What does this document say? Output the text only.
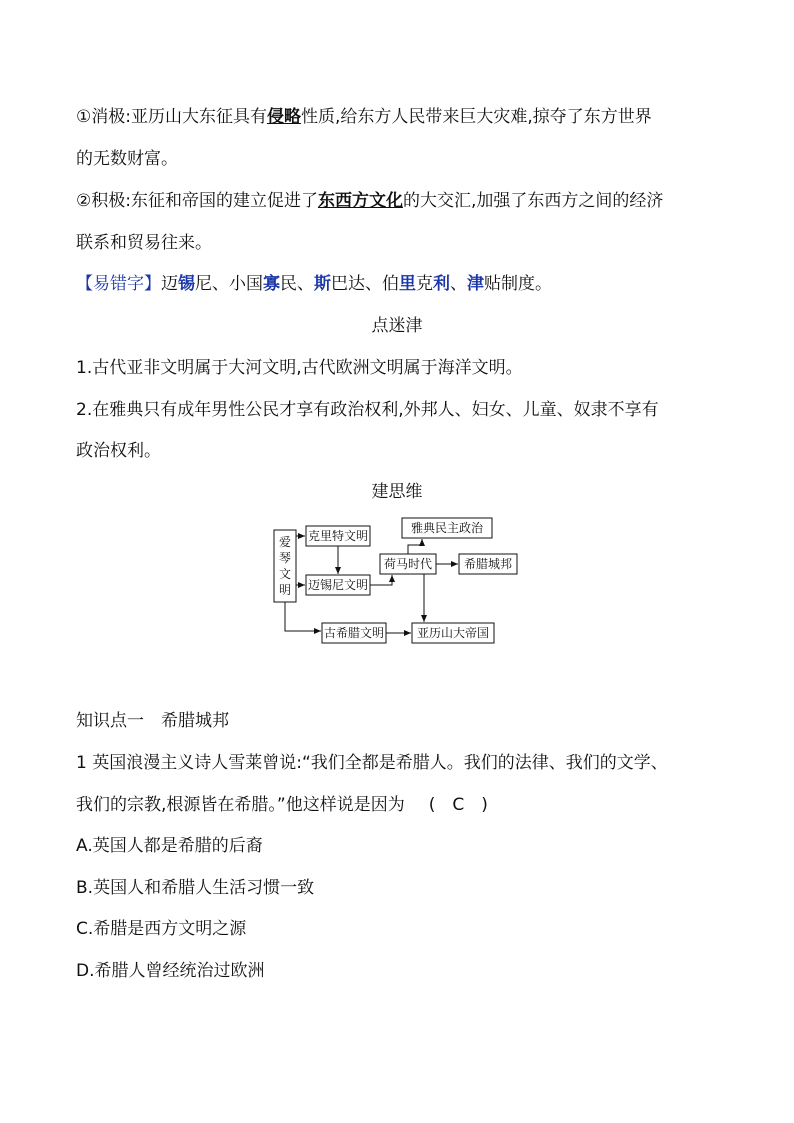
①消极:亚历山大东征具有侵略性质,给东方人民带来巨大灾难,掠夺了东方世界
的无数财富。
②积极:东征和帝国的建立促进了东西方文化的大交汇,加强了东西方之间的经济
联系和贸易往来。
【易错字】迈锡尼、小国寡民、斯巴达、伯里克利、津贴制度。
点迷津
1.古代亚非文明属于大河文明,古代欧洲文明属于海洋文明。
2.在雅典只有成年男性公民才享有政治权利,外邦人、妇女、儿童、奴隶不享有
政治权利。
建思维
爱
琴
文
明
克里特文明
迈锡尼文明
荷马时代
雅典民主政治
希腊城邦
古希腊文明	亚历山大帝国
知识点一　希腊城邦
1 英国浪漫主义诗人雪莱曾说:“我们全都是希腊人。我们的法律、我们的文学、
我们的宗教,根源皆在希腊。”他这样说是因为 (　C　)
A.英国人都是希腊的后裔
B.英国人和希腊人生活习惯一致
C.希腊是西方文明之源
D.希腊人曾经统治过欧洲
